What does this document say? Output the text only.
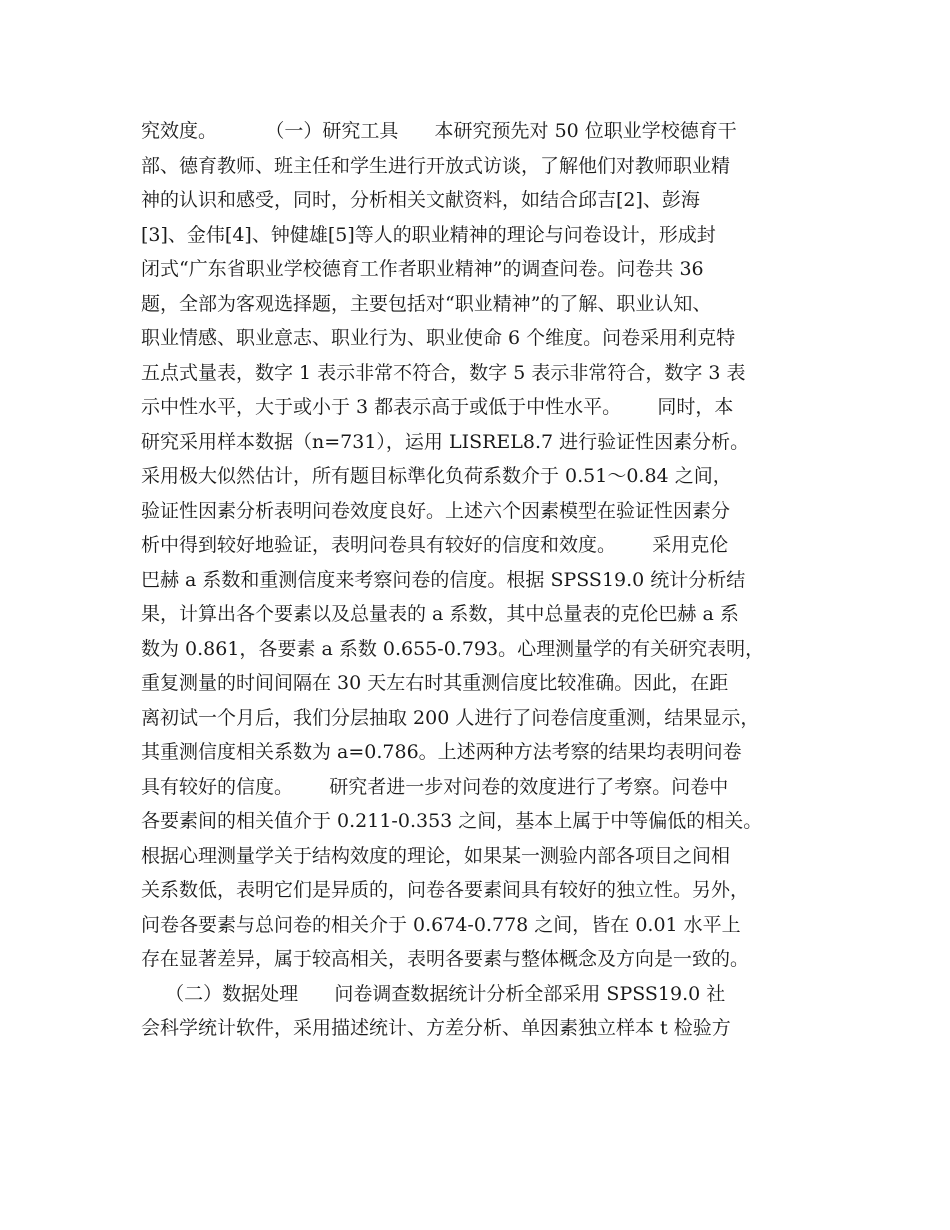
究效度。        （一）研究工具      本研究预先对 50 位职业学校德育干
部、德育教师、班主任和学生进行开放式访谈，了解他们对教师职业精
神的认识和感受，同时，分析相关文献资料，如结合邱吉[2]、彭海
[3]、金伟[4]、钟健雄[5]等人的职业精神的理论与问卷设计，形成封
闭式“广东省职业学校德育工作者职业精神”的调查问卷。问卷共 36
题，全部为客观选择题，主要包括对“职业精神”的了解、职业认知、
职业情感、职业意志、职业行为、职业使命 6 个维度。问卷采用利克特
五点式量表，数字 1 表示非常不符合，数字 5 表示非常符合，数字 3 表
示中性水平，大于或小于 3 都表示高于或低于中性水平。      同时，本
研究采用样本数据（n=731），运用 LISREL8.7 进行验证性因素分析。
采用极大似然估计，所有题目标準化负荷系数介于 0.51～0.84 之间，
验证性因素分析表明问卷效度良好。上述六个因素模型在验证性因素分
析中得到较好地验证，表明问卷具有较好的信度和效度。      采用克伦
巴赫 a 系数和重测信度来考察问卷的信度。根据 SPSS19.0 统计分析结
果，计算出各个要素以及总量表的 a 系数，其中总量表的克伦巴赫 a 系
数为 0.861，各要素 a 系数 0.655-0.793。心理测量学的有关研究表明，
重复测量的时间间隔在 30 天左右时其重测信度比较准确。因此，在距
离初试一个月后，我们分层抽取 200 人进行了问卷信度重测，结果显示，
其重测信度相关系数为 a=0.786。上述两种方法考察的结果均表明问卷
具有较好的信度。      研究者进一步对问卷的效度进行了考察。问卷中
各要素间的相关值介于 0.211-0.353 之间，基本上属于中等偏低的相关。
根据心理测量学关于结构效度的理论，如果某一测验内部各项目之间相
关系数低，表明它们是异质的，问卷各要素间具有较好的独立性。另外，
问卷各要素与总问卷的相关介于 0.674-0.778 之间，皆在 0.01 水平上
存在显著差异，属于较高相关，表明各要素与整体概念及方向是一致的。
（二）数据处理      问卷调查数据统计分析全部采用 SPSS19.0 社
会科学统计软件，采用描述统计、方差分析、单因素独立样本 t 检验方
